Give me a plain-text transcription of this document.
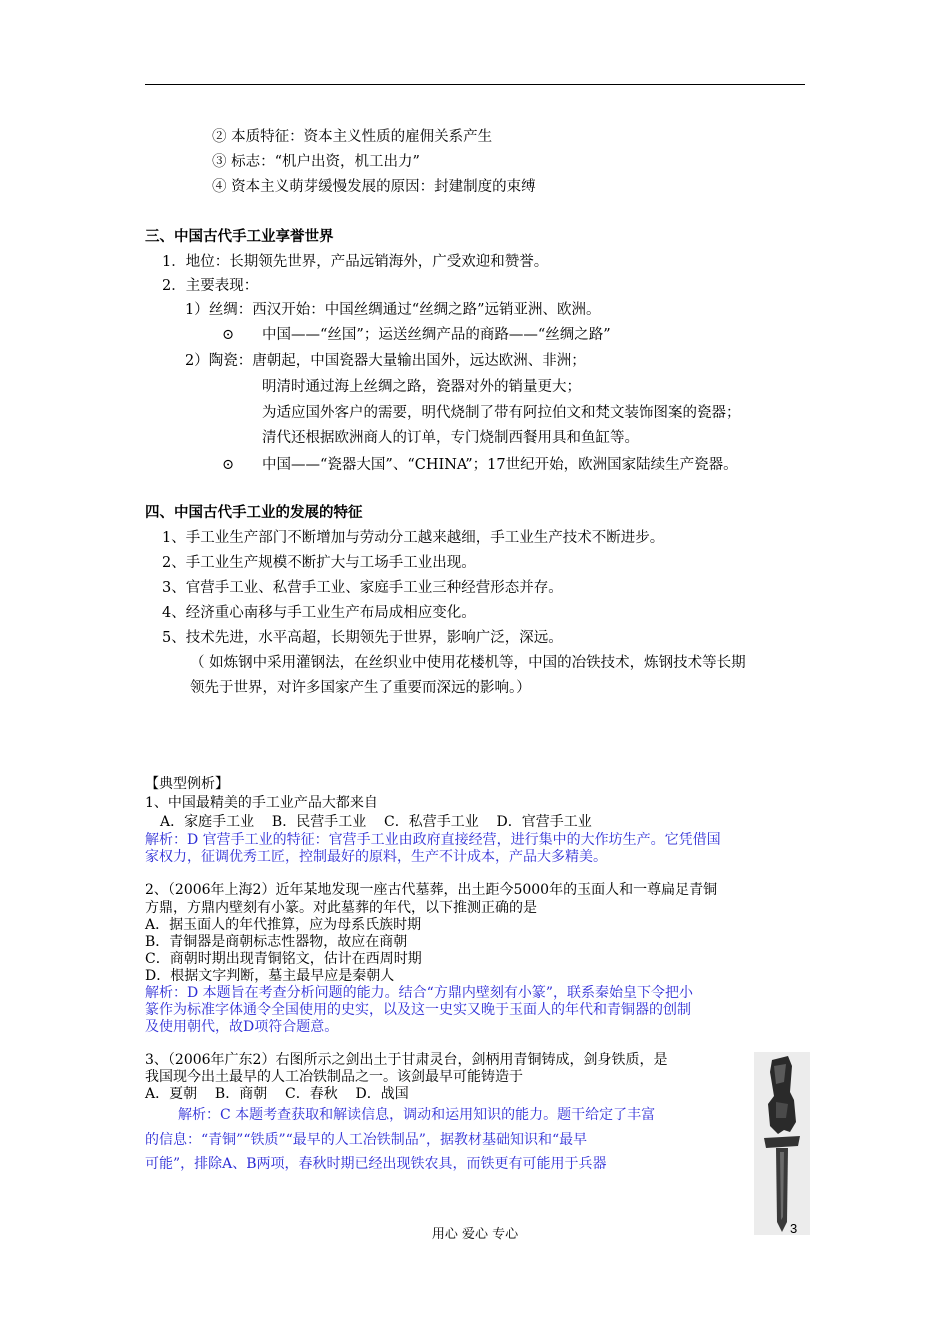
② 本质特征：资本主义性质的雇佣关系产生
③ 标志：“机户出资，机工出力”
④ 资本主义萌芽缓慢发展的原因：封建制度的束缚
三、中国古代手工业享誉世界
1．地位：长期领先世界，产品远销海外，广受欢迎和赞誉。
2．主要表现：
1）丝绸：西汉开始：中国丝绸通过“丝绸之路”远销亚洲、欧洲。
⊙ 中国——“丝国”；运送丝绸产品的商路——“丝绸之路”
2）陶瓷：唐朝起，中国瓷器大量输出国外，远达欧洲、非洲；
明清时通过海上丝绸之路，瓷器对外的销量更大；
为适应国外客户的需要，明代烧制了带有阿拉伯文和梵文装饰图案的瓷器；
清代还根据欧洲商人的订单，专门烧制西餐用具和鱼缸等。
⊙ 中国——“瓷器大国”、“CHINA”；17世纪开始，欧洲国家陆续生产瓷器。
四、中国古代手工业的发展的特征
1、手工业生产部门不断增加与劳动分工越来越细，手工业生产技术不断进步。
2、手工业生产规模不断扩大与工场手工业出现。
3、官营手工业、私营手工业、家庭手工业三种经营形态并存。
4、经济重心南移与手工业生产布局成相应变化。
5、技术先进，水平高超，长期领先于世界，影响广泛，深远。
（ 如炼钢中采用灌钢法，在丝织业中使用花楼机等，中国的冶铁技术，炼钢技术等长期
领先于世界，对许多国家产生了重要而深远的影响。）
【典型例析】
1、中国最精美的手工业产品大都来自
A．家庭手工业    B．民营手工业    C．私营手工业    D．官营手工业
解析：D 官营手工业的特征：官营手工业由政府直接经营，进行集中的大作坊生产。它凭借国
家权力，征调优秀工匠，控制最好的原料，生产不计成本，产品大多精美。
2、（2006年上海2）近年某地发现一座古代墓葬，出土距今5000年的玉面人和一尊扁足青铜
方鼎，方鼎内壁刻有小篆。对此墓葬的年代，以下推测正确的是
A．据玉面人的年代推算，应为母系氏族时期
B．青铜器是商朝标志性器物，故应在商朝
C．商朝时期出现青铜铭文，估计在西周时期
D．根据文字判断，墓主最早应是秦朝人
解析：D 本题旨在考查分析问题的能力。结合“方鼎内壁刻有小篆”，联系秦始皇下令把小
篆作为标准字体通令全国使用的史实，以及这一史实又晚于玉面人的年代和青铜器的创制
及使用朝代，故D项符合题意。
3、（2006年广东2）右图所示之剑出土于甘肃灵台，剑柄用青铜铸成，剑身铁质，是
我国现今出土最早的人工冶铁制品之一。该剑最早可能铸造于
A．夏朝    B．商朝    C．春秋    D．战国
解析：C 本题考查获取和解读信息，调动和运用知识的能力。题干给定了丰富
的信息：“青铜”“铁质”“最早的人工冶铁制品”，据教材基础知识和“最早
可能”，排除A、B两项，春秋时期已经出现铁农具，而铁更有可能用于兵器
用心 爱心 专心	3
